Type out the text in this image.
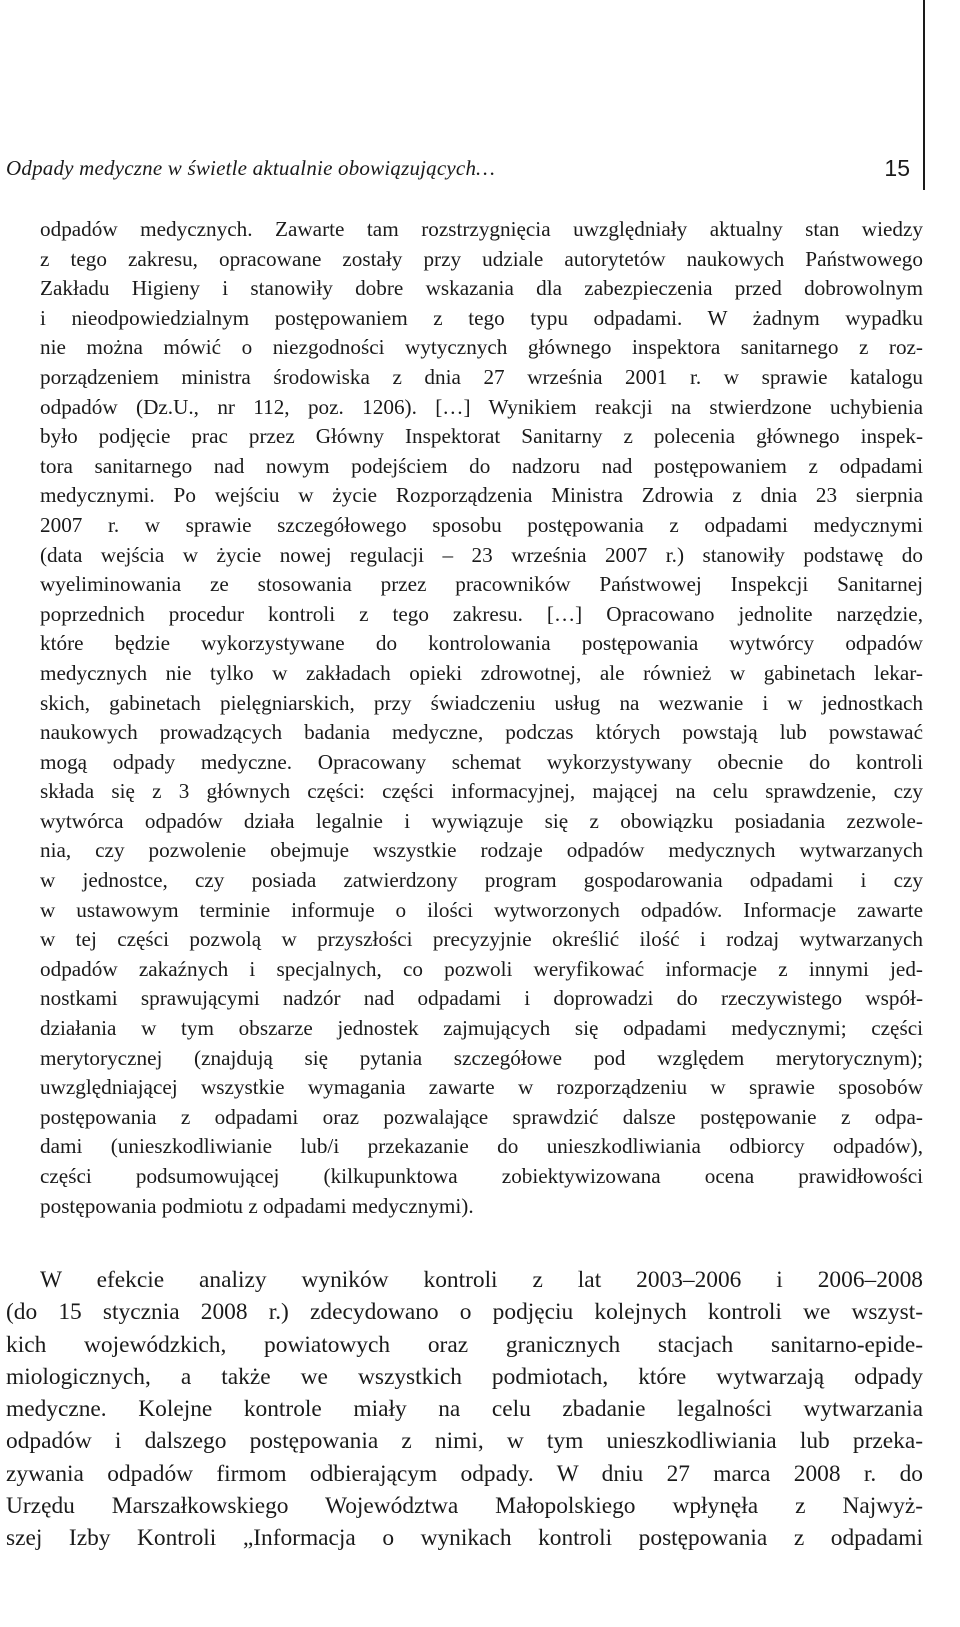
Odpady medyczne w świetle aktualnie obowiązujących…	15
odpadów medycznych. Zawarte tam rozstrzygnięcia uwzględniały aktualny stan wiedzy
z tego zakresu, opracowane zostały przy udziale autorytetów naukowych Państwowego
Zakładu Higieny i stanowiły dobre wskazania dla zabezpieczenia przed dobrowolnym
i nieodpowiedzialnym postępowaniem z tego typu odpadami. W żadnym wypadku
nie można mówić o niezgodności wytycznych głównego inspektora sanitarnego z roz-
porządzeniem ministra środowiska z dnia 27 września 2001 r. w sprawie katalogu
odpadów (Dz.U., nr 112, poz. 1206). […] Wynikiem reakcji na stwierdzone uchybienia
było podjęcie prac przez Główny Inspektorat Sanitarny z polecenia głównego inspek-
tora sanitarnego nad nowym podejściem do nadzoru nad postępowaniem z odpadami
medycznymi. Po wejściu w życie Rozporządzenia Ministra Zdrowia z dnia 23 sierpnia
2007 r. w sprawie szczegółowego sposobu postępowania z odpadami medycznymi
(data wejścia w życie nowej regulacji – 23 września 2007 r.) stanowiły podstawę do
wyeliminowania ze stosowania przez pracowników Państwowej Inspekcji Sanitarnej
poprzednich procedur kontroli z tego zakresu. […] Opracowano jednolite narzędzie,
które będzie wykorzystywane do kontrolowania postępowania wytwórcy odpadów
medycznych nie tylko w zakładach opieki zdrowotnej, ale również w gabinetach lekar-
skich, gabinetach pielęgniarskich, przy świadczeniu usług na wezwanie i w jednostkach
naukowych prowadzących badania medyczne, podczas których powstają lub powstawać
mogą odpady medyczne. Opracowany schemat wykorzystywany obecnie do kontroli
składa się z 3 głównych części: części informacyjnej, mającej na celu sprawdzenie, czy
wytwórca odpadów działa legalnie i wywiązuje się z obowiązku posiadania zezwole-
nia, czy pozwolenie obejmuje wszystkie rodzaje odpadów medycznych wytwarzanych
w jednostce, czy posiada zatwierdzony program gospodarowania odpadami i czy
w ustawowym terminie informuje o ilości wytworzonych odpadów. Informacje zawarte
w tej części pozwolą w przyszłości precyzyjnie określić ilość i rodzaj wytwarzanych
odpadów zakaźnych i specjalnych, co pozwoli weryfikować informacje z innymi jed-
nostkami sprawującymi nadzór nad odpadami i doprowadzi do rzeczywistego współ-
działania w tym obszarze jednostek zajmujących się odpadami medycznymi; części
merytorycznej (znajdują się pytania szczegółowe pod względem merytorycznym);
uwzględniającej wszystkie wymagania zawarte w rozporządzeniu w sprawie sposobów
postępowania z odpadami oraz pozwalające sprawdzić dalsze postępowanie z odpa-
dami (unieszkodliwianie lub/i przekazanie do unieszkodliwiania odbiorcy odpadów),
części podsumowującej (kilkupunktowa zobiektywizowana ocena prawidłowości
postępowania podmiotu z odpadami medycznymi).
W efekcie analizy wyników kontroli z lat 2003–2006 i 2006–2008
(do 15 stycznia 2008 r.) zdecydowano o podjęciu kolejnych kontroli we wszyst-
kich wojewódzkich, powiatowych oraz granicznych stacjach sanitarno-epide-
miologicznych, a także we wszystkich podmiotach, które wytwarzają odpady
medyczne. Kolejne kontrole miały na celu zbadanie legalności wytwarzania
odpadów i dalszego postępowania z nimi, w tym unieszkodliwiania lub przeka-
zywania odpadów firmom odbierającym odpady. W dniu 27 marca 2008 r. do
Urzędu Marszałkowskiego Województwa Małopolskiego wpłynęła z Najwyż-
szej Izby Kontroli „Informacja o wynikach kontroli postępowania z odpadami
